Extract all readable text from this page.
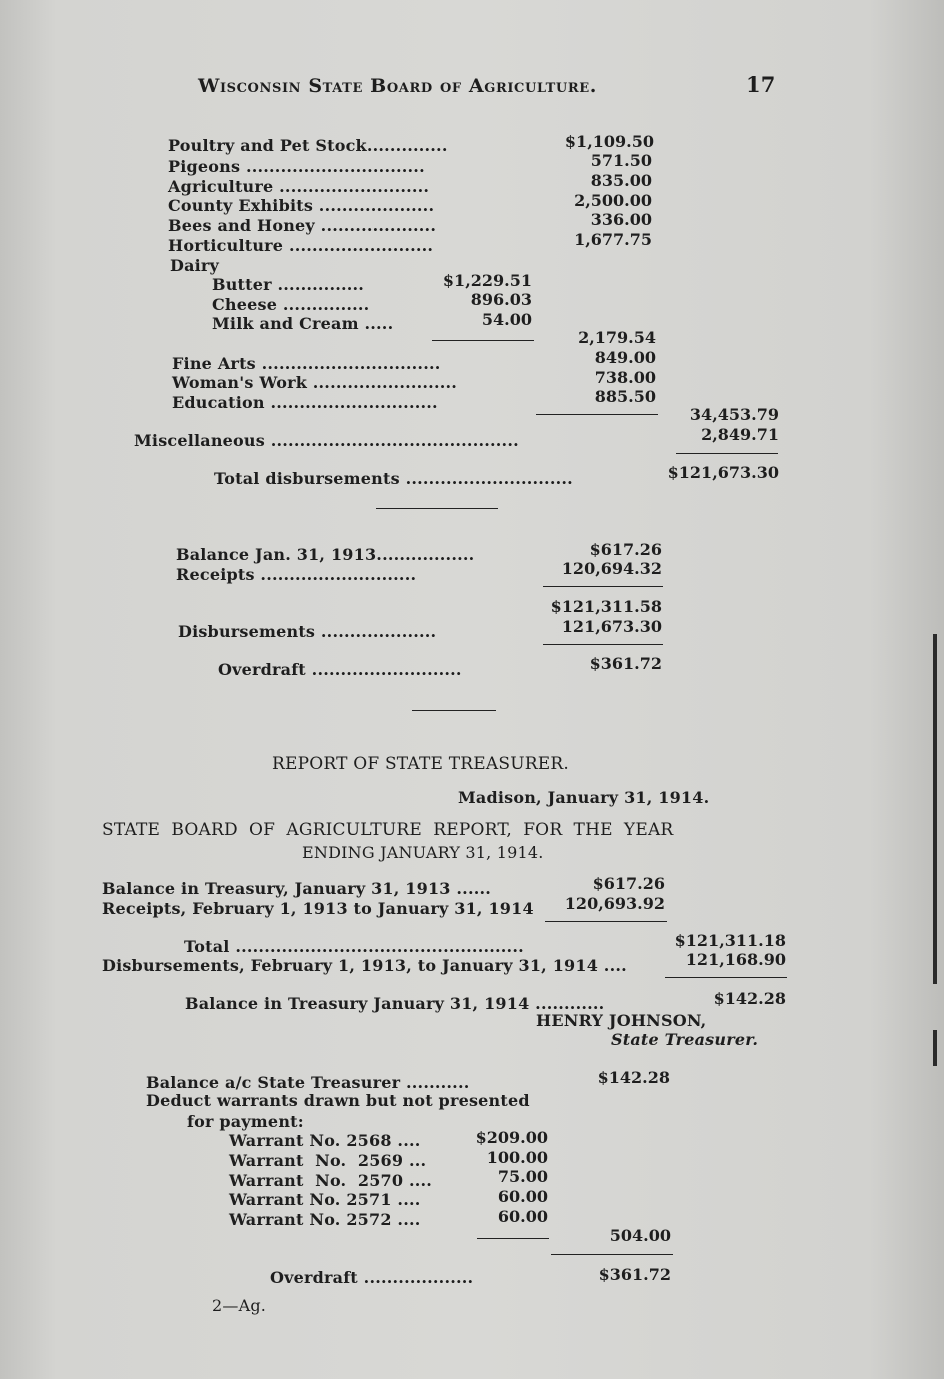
Wisconsin State Board of Agriculture.	17
Poultry and Pet Stock..............	$1,109.50
Pigeons ...............................	571.50
Agriculture ..........................	835.00
County Exhibits ....................	2,500.00
Bees and Honey ....................	336.00
Horticulture .........................	1,677.75
Dairy
Butter ...............	$1,229.51
Cheese ...............	896.03
Milk and Cream .....	54.00
2,179.54
Fine Arts ...............................	849.00
Woman's Work .........................	738.00
Education .............................	885.50
34,453.79
Miscellaneous ...........................................	2,849.71
Total disbursements .............................	$121,673.30
Balance Jan. 31, 1913.................	$617.26
Receipts ...........................	120,694.32
$121,311.58
Disbursements ....................	121,673.30
Overdraft ..........................	$361.72
REPORT OF STATE TREASURER.
Madison, January 31, 1914.
STATE  BOARD  OF  AGRICULTURE  REPORT,  FOR  THE  YEAR
ENDING JANUARY 31, 1914.
Balance in Treasury, January 31, 1913 ......	$617.26
Receipts, February 1, 1913 to January 31, 1914 120,693.92
Total ..................................................	$121,311.18
Disbursements, February 1, 1913, to January 31, 1914 ....	121,168.90
Balance in Treasury January 31, 1914 ............	$142.28
HENRY JOHNSON,
State Treasurer.
Balance a/c State Treasurer ...........	$142.28
Deduct warrants drawn but not presented
for payment:
Warrant No. 2568 ....	$209.00
Warrant  No.  2569 ...	100.00
Warrant  No.  2570 ....	75.00
Warrant No. 2571 ....	60.00
Warrant No. 2572 ....	60.00
504.00
Overdraft ...................	$361.72
2—Ag.
